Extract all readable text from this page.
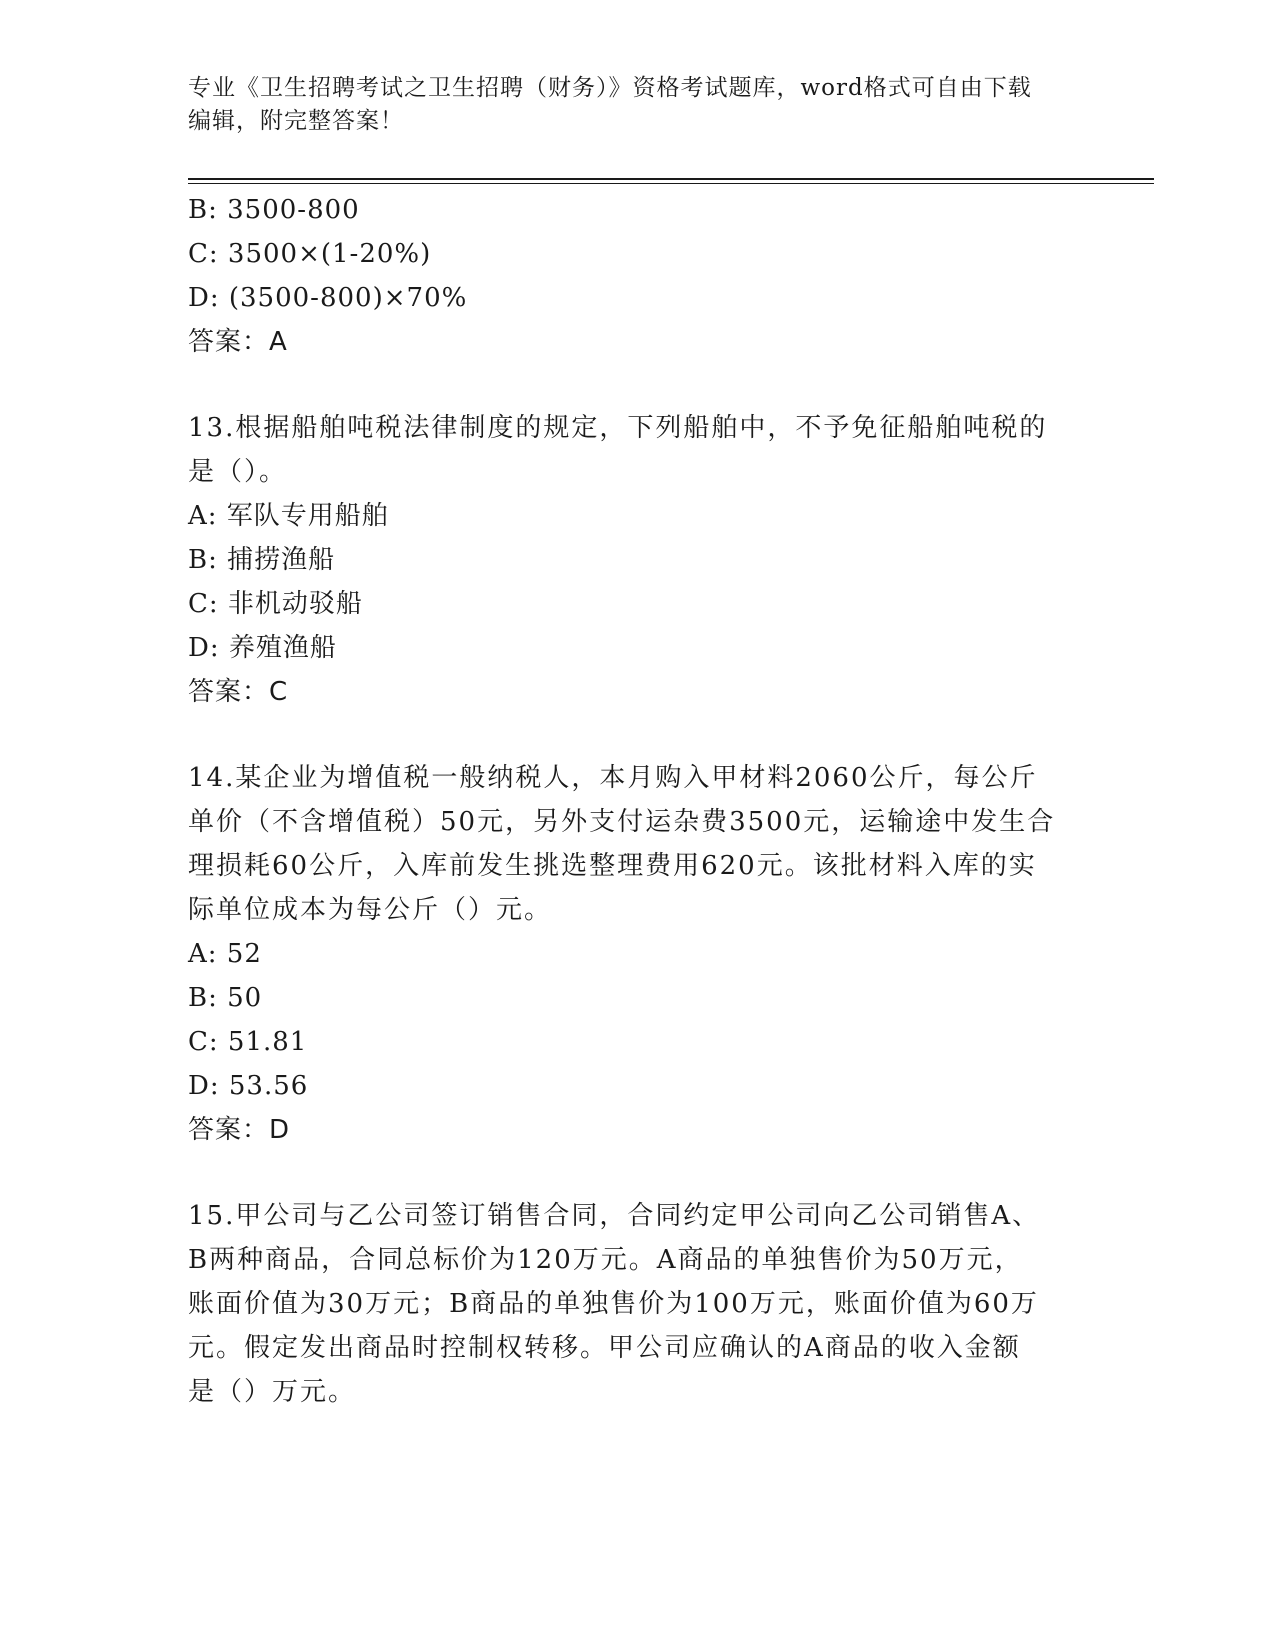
专业《卫生招聘考试之卫生招聘（财务）》资格考试题库，word格式可自由下载
编辑，附完整答案！
B: 3500-800
C: 3500×(1-20%)
D: (3500-800)×70%
答案：A
13.根据船舶吨税法律制度的规定，下列船舶中，不予免征船舶吨税的
是（）。
A: 军队专用船舶
B: 捕捞渔船
C: 非机动驳船
D: 养殖渔船
答案：C
14.某企业为增值税一般纳税人，本月购入甲材料2060公斤，每公斤
单价（不含增值税）50元，另外支付运杂费3500元，运输途中发生合
理损耗60公斤，入库前发生挑选整理费用620元。该批材料入库的实
际单位成本为每公斤（）元。
A: 52
B: 50
C: 51.81
D: 53.56
答案：D
15.甲公司与乙公司签订销售合同，合同约定甲公司向乙公司销售A、
B两种商品，合同总标价为120万元。A商品的单独售价为50万元，
账面价值为30万元；B商品的单独售价为100万元，账面价值为60万
元。假定发出商品时控制权转移。甲公司应确认的A商品的收入金额
是（）万元。
